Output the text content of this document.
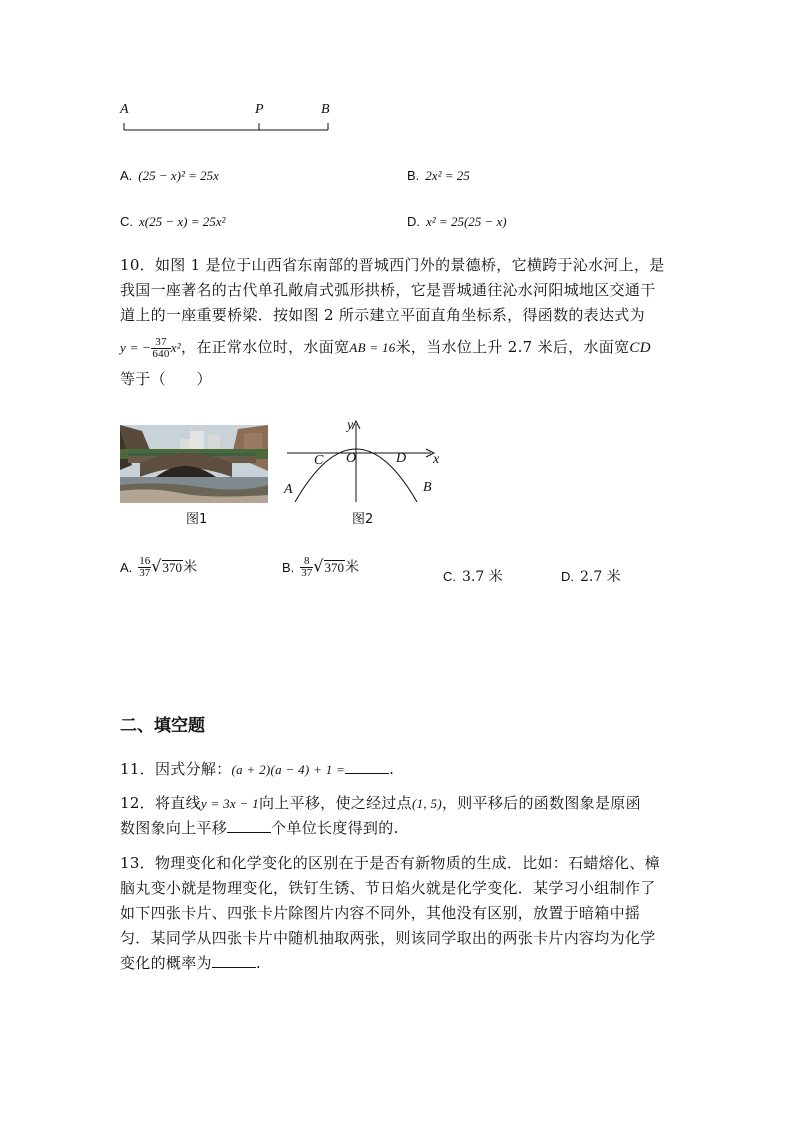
A	P	B
A. (25 − x)² = 25x	B. 2x² = 25
C. x(25 − x) = 25x²	D. x² = 25(25 − x)
10．如图 1 是位于山西省东南部的晋城西门外的景德桥，它横跨于沁水河上，是
我国一座著名的古代单孔敞肩式弧形拱桥，它是晋城通往沁水河阳城地区交通干
道上的一座重要桥梁．按如图 2 所示建立平面直角坐标系，得函数的表达式为
y = − $\frac{37}{640} x^2$，在正常水位时，水面宽AB = 16米，当水位上升 2.7 米后，水面宽CD
等于（　　）
图1
y
x
O
C	D
A	B
图2
A. $\frac{16}{37} √370$米	B. $\frac{8}{37} √370$米
C. 3.7 米	D. 2.7 米
二、填空题
11．因式分解：(a + 2)(a − 4) + 1 =	.
12．将直线y = 3x − 1向上平移，使之经过点(1, 5)，则平移后的函数图象是原函
数图象向上平移	个单位长度得到的.
13．物理变化和化学变化的区别在于是否有新物质的生成．比如：石蜡熔化、樟
脑丸变小就是物理变化，铁钉生锈、节日焰火就是化学变化．某学习小组制作了
如下四张卡片、四张卡片除图片内容不同外，其他没有区别，放置于暗箱中摇
匀．某同学从四张卡片中随机抽取两张，则该同学取出的两张卡片内容均为化学
变化的概率为	.
